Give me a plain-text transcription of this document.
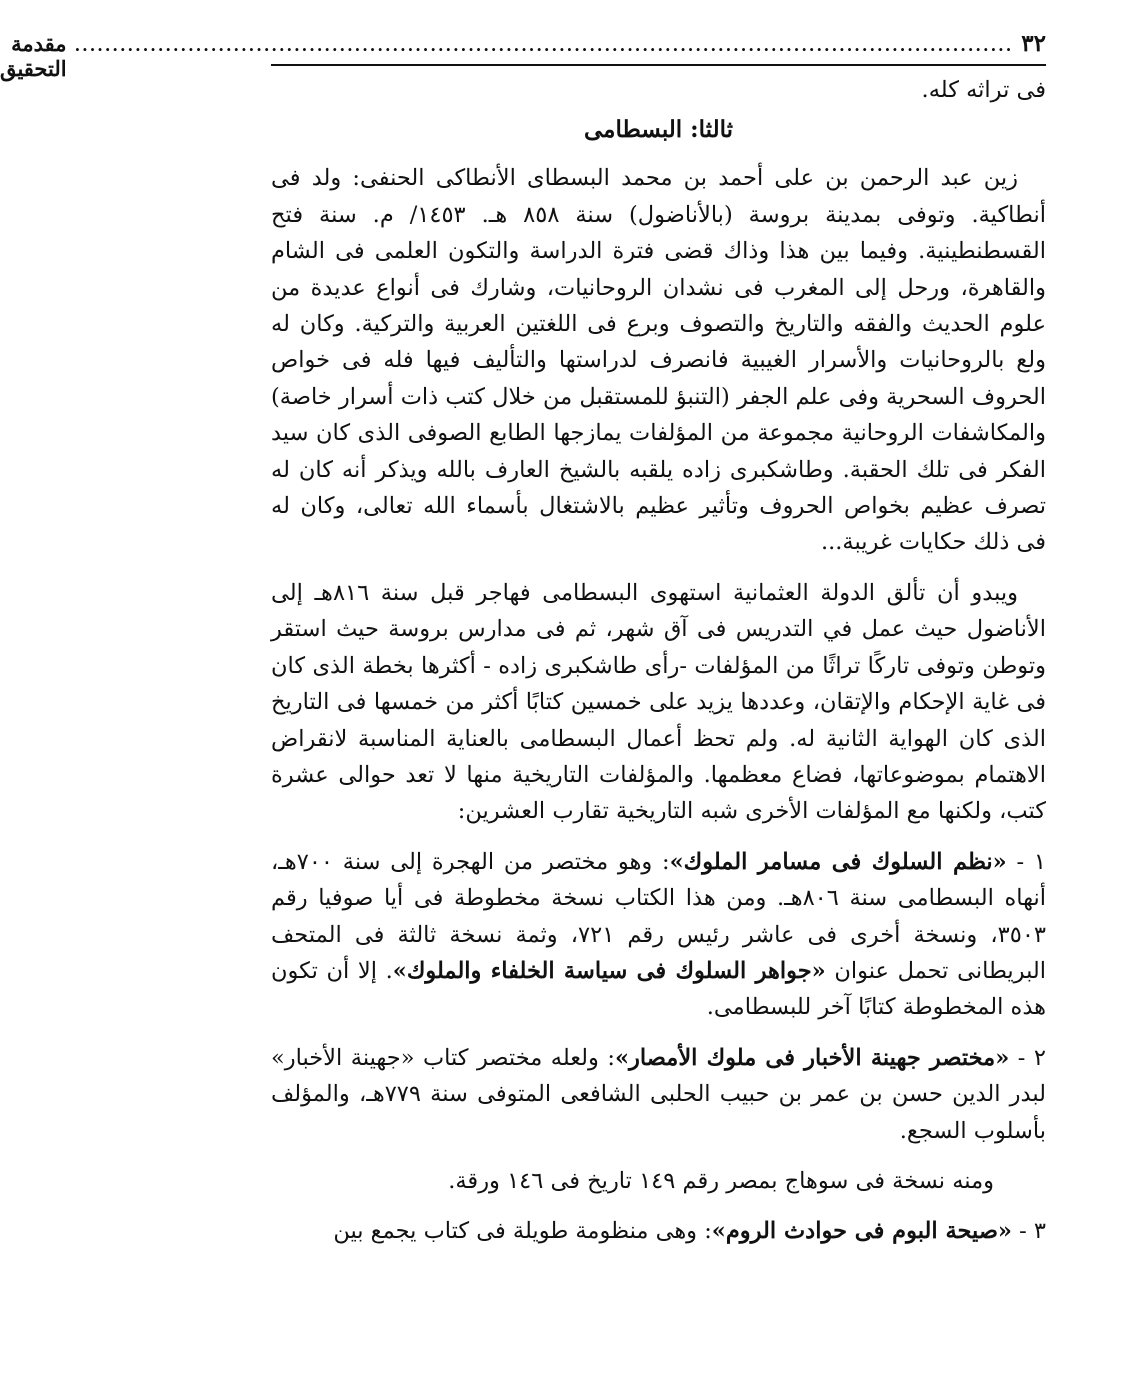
٣٢
............................................................................................................................
مقدمة التحقيق

فى تراثه كله.

ثالثا: البسطامى

زين عبد الرحمن بن على أحمد بن محمد البسطاى الأنطاكى الحنفى: ولد فى أنطاكية. وتوفى بمدينة بروسة (بالأناضول) سنة ٨٥٨ هـ. ١٤٥٣/ م. سنة فتح القسطنطينية. وفيما بين هذا وذاك قضى فترة الدراسة والتكون العلمى فى الشام والقاهرة، ورحل إلى المغرب فى نشدان الروحانيات، وشارك فى أنواع عديدة من علوم الحديث والفقه والتاريخ والتصوف وبرع فى اللغتين العربية والتركية. وكان له ولع بالروحانيات والأسرار الغيبية فانصرف لدراستها والتأليف فيها فله فى خواص الحروف السحرية وفى علم الجفر (التنبؤ للمستقبل من خلال كتب ذات أسرار خاصة) والمكاشفات الروحانية مجموعة من المؤلفات يمازجها الطابع الصوفى الذى كان سيد الفكر فى تلك الحقبة. وطاشكبرى زاده يلقبه بالشيخ العارف بالله ويذكر أنه كان له تصرف عظيم بخواص الحروف وتأثير عظيم بالاشتغال بأسماء الله تعالى، وكان له فى ذلك حكايات غريبة...

ويبدو أن تألق الدولة العثمانية استهوى البسطامى فهاجر قبل سنة ٨١٦هـ إلى الأناضول حيث عمل في التدريس فى آق شهر، ثم فى مدارس بروسة حيث استقر وتوطن وتوفى تاركًا تراثًا من المؤلفات -رأى طاشكبرى زاده - أكثرها بخطة الذى كان فى غاية الإحكام والإتقان، وعددها يزيد على خمسين كتابًا أكثر من خمسها فى التاريخ الذى كان الهواية الثانية له. ولم تحظ أعمال البسطامى بالعناية المناسبة لانقراض الاهتمام بموضوعاتها، فضاع معظمها. والمؤلفات التاريخية منها لا تعد حوالى عشرة كتب، ولكنها مع المؤلفات الأخرى شبه التاريخية تقارب العشرين:

١ - «نظم السلوك فى مسامر الملوك»: وهو مختصر من الهجرة إلى سنة ٧٠٠هـ، أنهاه البسطامى سنة ٨٠٦هـ. ومن هذا الكتاب نسخة مخطوطة فى أيا صوفيا رقم ٣٥٠٣، ونسخة أخرى فى عاشر رئيس رقم ٧٢١، وثمة نسخة ثالثة فى المتحف البريطانى تحمل عنوان «جواهر السلوك فى سياسة الخلفاء والملوك». إلا أن تكون هذه المخطوطة كتابًا آخر للبسطامى.

٢ - «مختصر جهينة الأخبار فى ملوك الأمصار»: ولعله مختصر كتاب «جهينة الأخبار» لبدر الدين حسن بن عمر بن حبيب الحلبى الشافعى المتوفى سنة ٧٧٩هـ، والمؤلف بأسلوب السجع.

ومنه نسخة فى سوهاج بمصر رقم ١٤٩ تاريخ فى ١٤٦ ورقة.

٣ - «صيحة البوم فى حوادث الروم»: وهى منظومة طويلة فى كتاب يجمع بين
